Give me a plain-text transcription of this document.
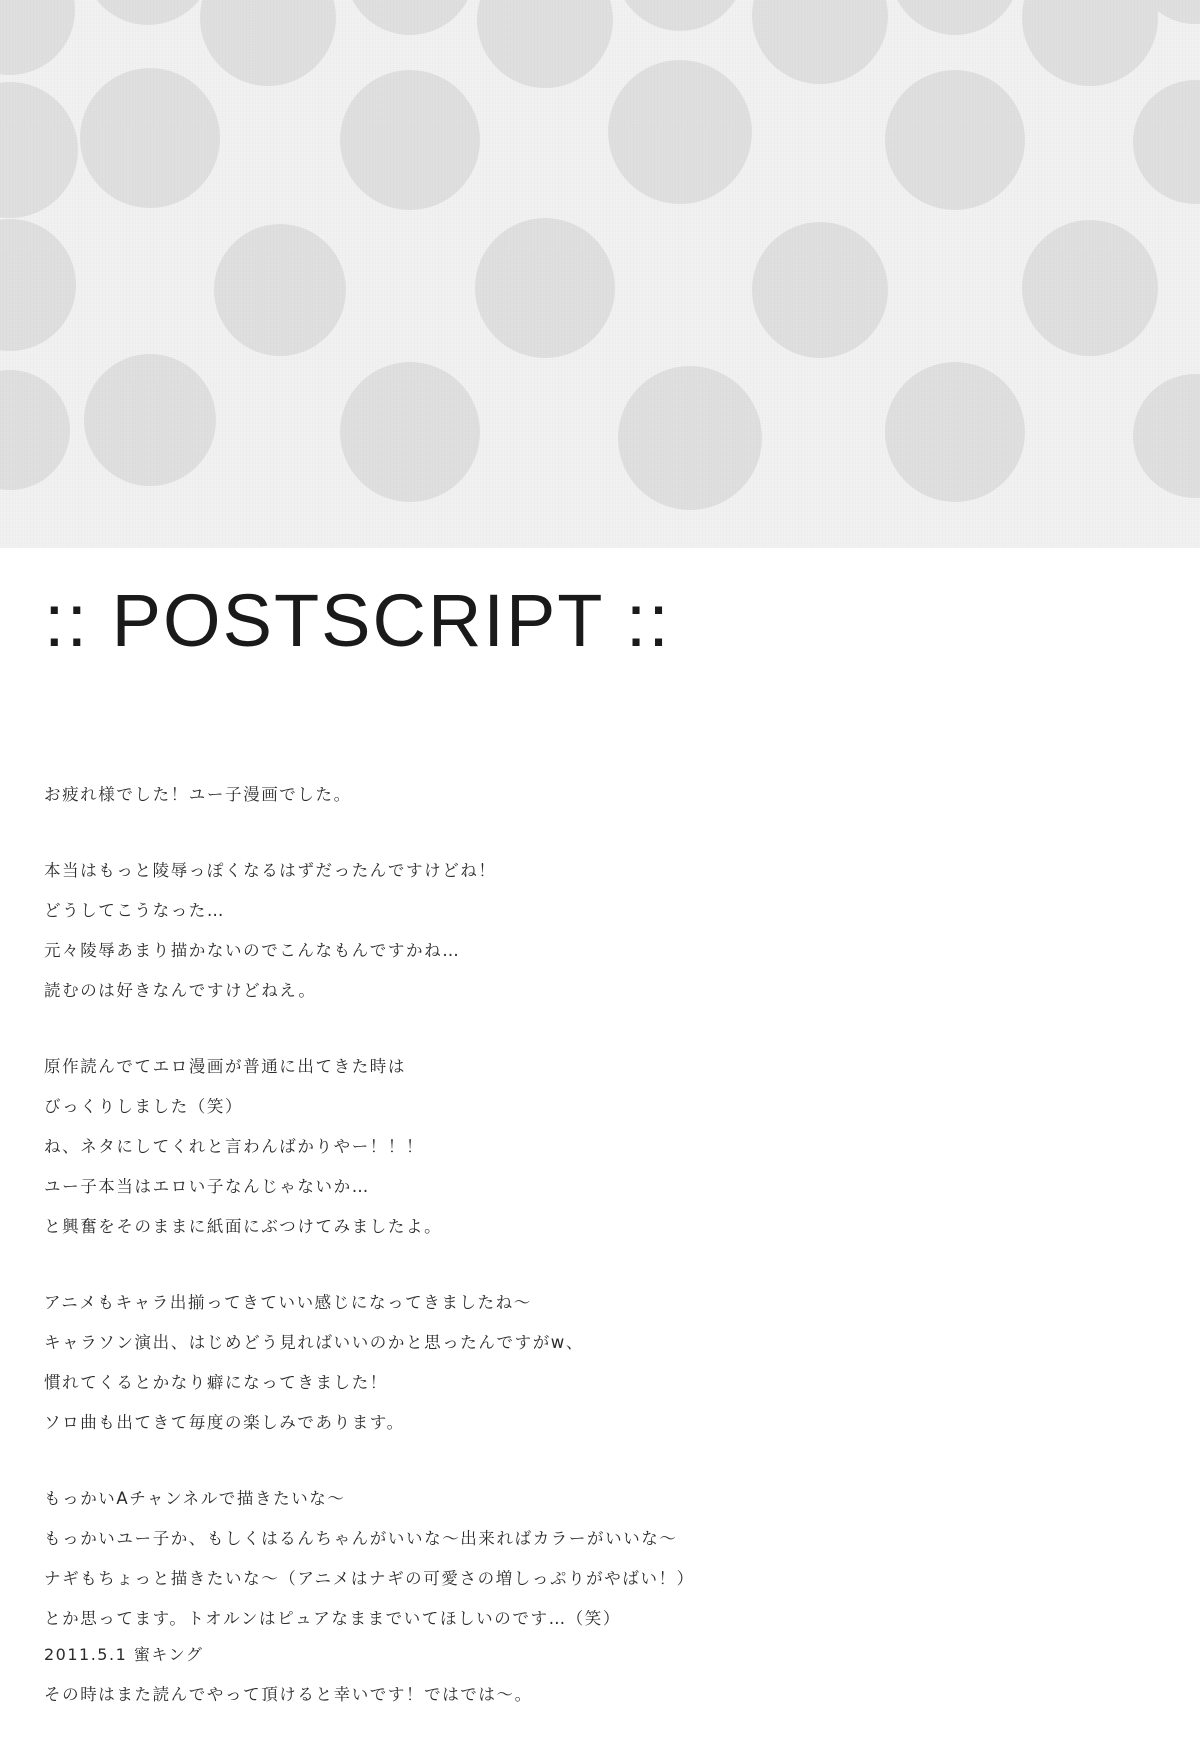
:: POSTSCRIPT ::

お疲れ様でした！ユー子漫画でした。

本当はもっと陵辱っぽくなるはずだったんですけどね！
どうしてこうなった…
元々陵辱あまり描かないのでこんなもんですかね…
読むのは好きなんですけどねえ。

原作読んでてエロ漫画が普通に出てきた時は
びっくりしました（笑）
ね、ネタにしてくれと言わんばかりやー！！！
ユー子本当はエロい子なんじゃないか…
と興奮をそのままに紙面にぶつけてみましたよ。

アニメもキャラ出揃ってきていい感じになってきましたね〜
キャラソン演出、はじめどう見ればいいのかと思ったんですがw、
慣れてくるとかなり癖になってきました！
ソロ曲も出てきて毎度の楽しみであります。

もっかいAチャンネルで描きたいな〜
もっかいユー子か、もしくはるんちゃんがいいな〜出来ればカラーがいいな〜
ナギもちょっと描きたいな〜（アニメはナギの可愛さの増しっぷりがやばい！）
とか思ってます。トオルンはピュアなままでいてほしいのです…（笑）

その時はまた読んでやって頂けると幸いです！ではでは〜。

2011.5.1 蜜キング
